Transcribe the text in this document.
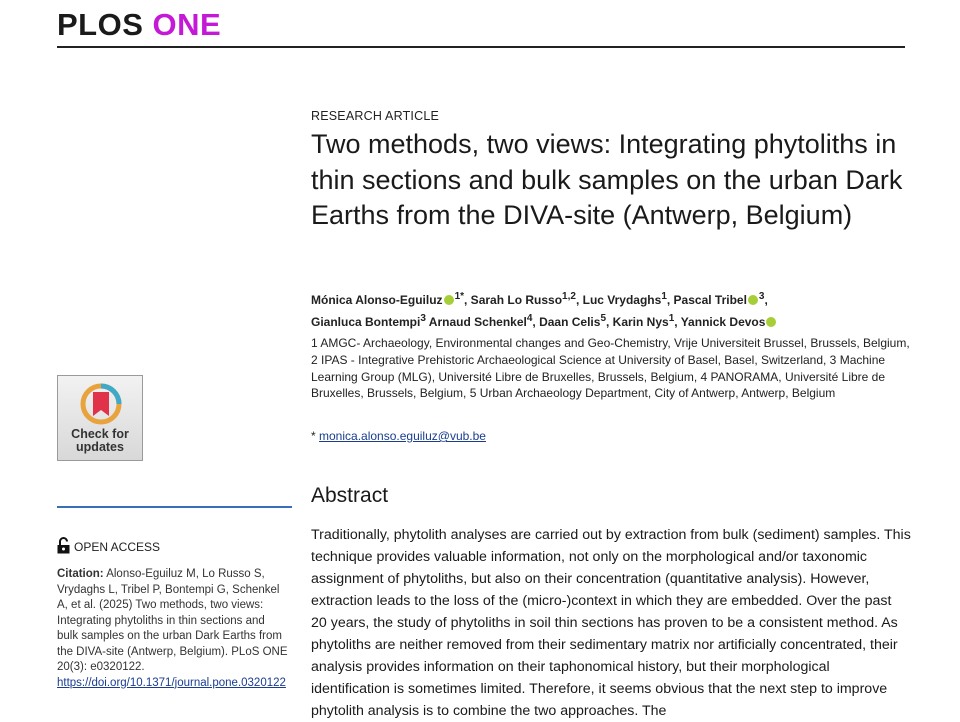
PLOS ONE
Check for
updates
OPEN ACCESS
Citation: Alonso-Eguiluz M, Lo Russo S, Vrydaghs L, Tribel P, Bontempi G, Schenkel A, et al. (2025) Two methods, two views: Integrating phytoliths in thin sections and bulk samples on the urban Dark Earths from the DIVA-site (Antwerp, Belgium). PLoS ONE 20(3): e0320122. https://doi.org/10.1371/journal.pone.0320122
RESEARCH ARTICLE
Two methods, two views: Integrating phytoliths in thin sections and bulk samples on the urban Dark Earths from the DIVA-site (Antwerp, Belgium)
Mónica Alonso-Eguiluz $^{1*}$, Sarah Lo Russo$^{1,2}$, Luc Vrydaghs$^1$, Pascal Tribel $^3$,
Gianluca Bontempi$^3$ Arnaud Schenkel$^4$, Daan Celis$^5$, Karin Nys$^1$, Yannick Devos
1 AMGC- Archaeology, Environmental changes and Geo-Chemistry, Vrije Universiteit Brussel, Brussels, Belgium, 2 IPAS - Integrative Prehistoric Archaeological Science at University of Basel, Basel, Switzerland, 3 Machine Learning Group (MLG), Université Libre de Bruxelles, Brussels, Belgium, 4 PANORAMA, Université Libre de Bruxelles, Brussels, Belgium, 5 Urban Archaeology Department, City of Antwerp, Antwerp, Belgium
* monica.alonso.eguiluz@vub.be
Abstract
Traditionally, phytolith analyses are carried out by extraction from bulk (sediment) samples. This technique provides valuable information, not only on the morphological and/or taxonomic assignment of phytoliths, but also on their concentration (quantitative analysis). However, extraction leads to the loss of the (micro-)context in which they are embedded. Over the past 20 years, the study of phytoliths in soil thin sections has proven to be a consistent method. As phytoliths are neither removed from their sedimentary matrix nor artificially concentrated, their analysis provides information on their taphonomical history, but their morphological identification is sometimes limited. Therefore, it seems obvious that the next step to improve phytolith analysis is to combine the two approaches. The
